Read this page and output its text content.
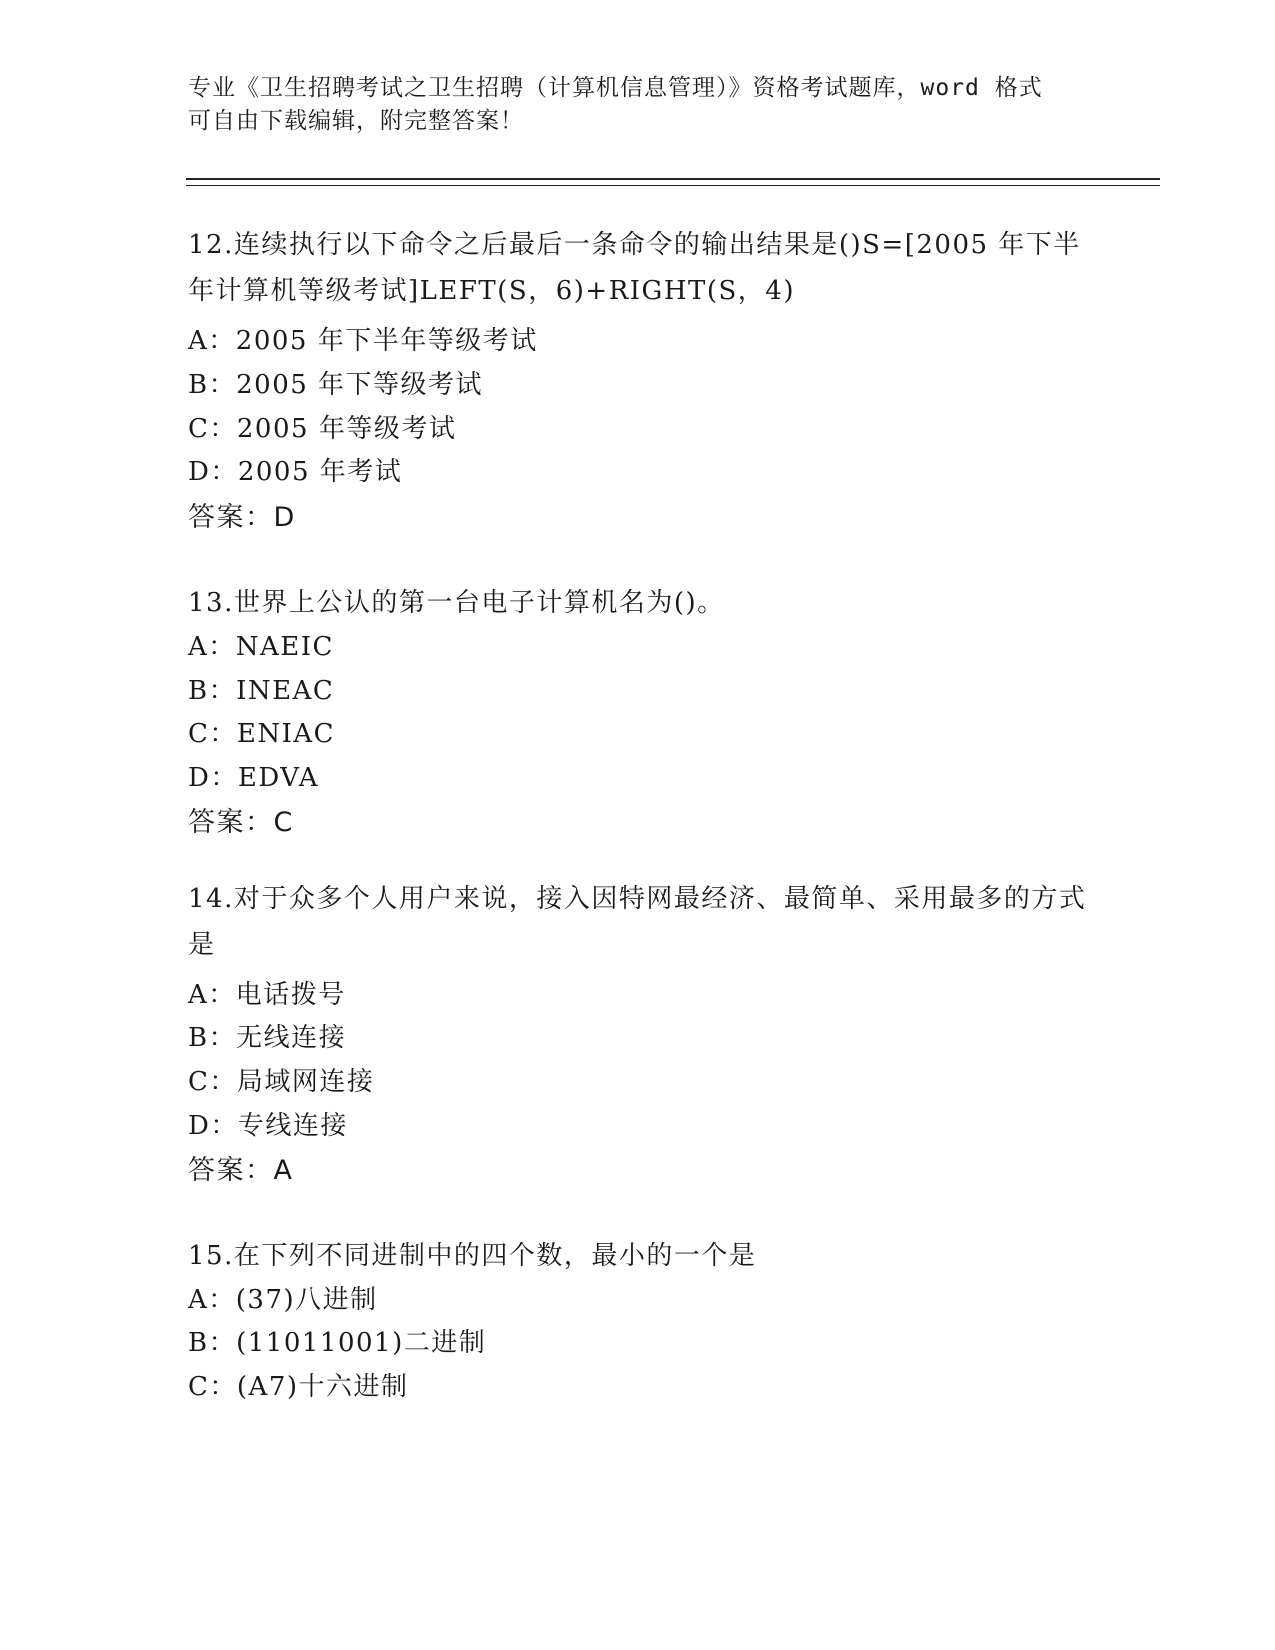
专业《卫生招聘考试之卫生招聘（计算机信息管理）》资格考试题库，word 格式
可自由下载编辑，附完整答案！
12.连续执行以下命令之后最后一条命令的输出结果是()S=[2005 年下半年计算机等级考试]LEFT(S，6)+RIGHT(S，4)
A：2005 年下半年等级考试
B：2005 年下等级考试
C：2005 年等级考试
D：2005 年考试
答案：D
13.世界上公认的第一台电子计算机名为()。
A：NAEIC
B：INEAC
C：ENIAC
D：EDVA
答案：C
14.对于众多个人用户来说，接入因特网最经济、最简单、采用最多的方式是
A：电话拨号
B：无线连接
C：局域网连接
D：专线连接
答案：A
15.在下列不同进制中的四个数，最小的一个是
A：(37)八进制
B：(11011001)二进制
C：(A7)十六进制
